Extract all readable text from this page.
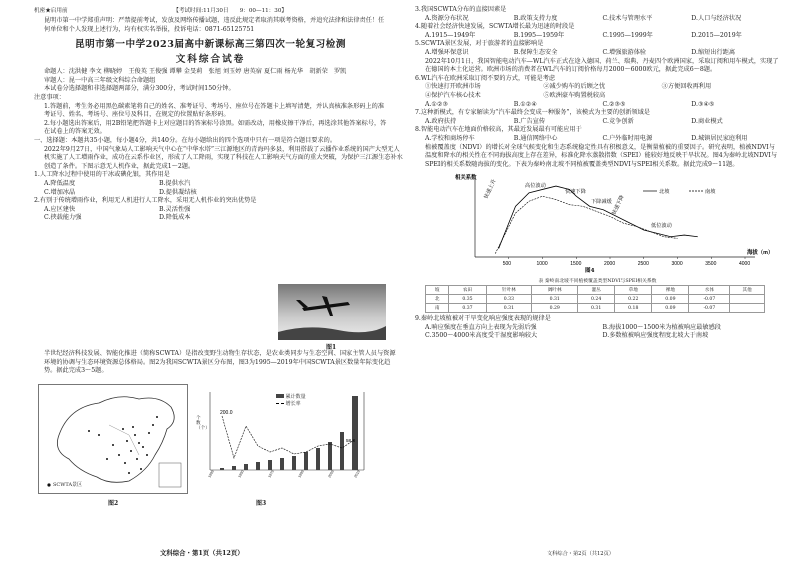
机密★启用前	【考试时间:11月30日　　9：00—11：30】

昆明市第一中学郑重声明：严禁提前考试，发放及网络传播试题，违反此规定者取消其联考资格，并追究法律和法律责任！任何单位和个人发现上述行为，均有权实名举报，投诉电话：0871-65125751

昆明市第一中学2023届高中新课标高三第四次一轮复习检测
文科综合试卷

命题人：沈洪健 李文 柳晓婷　王俊英 王俊强 谭攀 金旻莉　张旭 刘玉婷 唐英宿 夏仁雨 杨光华　胡新荣　罗凯

审题人：昆一中高三年级文科综合命题组

本试卷分选择题和非选择题两部分，满分300分，考试时间150分钟。

注意事项：

1.答题前，考生务必用黑色碳素笔将自己的姓名、准考证号、考场号、座位号在答题卡上填写清楚，并认真核准条形码上的准考证号、姓名、考场号、座位号及科目，在规定的位置贴好条形码。

2.每小题选出答案后，用2B铅笔把答题卡上对应题目的答案标号涂黑。如需改动，用橡皮擦干净后，再选涂其他答案标号，答在试卷上的答案无效。

一、选择题：本题共35小题，每小题4分，共140分。在每小题给出的四个选项中只有一项是符合题目要求的。

2022年9月27日，中国气象局人工影响天气中心在“中华水塔”三江源地区的青海玛多县，利用搭载了云播作业系统的国产大型无人机实施了人工增雨作业，成功在云系作业区，形成了人工降雨，实现了科技在人工影响天气方面的重大突破，为保护三江源生态补水创造了条件。下图示意无人机作业，据此完成1～2题。

1.人工降水过程中使用的干冰或碘化银，其作用是

A.降低温度	B.提供水汽
C.增加冰晶	D.提供凝结核

2.有别于传统增雨作业，利用无人机进行人工降水，采用无人机作业的突出优势是

A.应区建快	B.灵活性强
C.挟载能力强	D.降低成本
图1

半世纪经济科技发展、智能化推进（简称SCWTA）是指改变野生动物生存状态，是农业类同步与生态空间、国家主管人员与资源环境的协调与生态环境资源总体格局。图2为我国SCWTA景区分布图，图3为1995—2019年中国SCWTA景区数量年际变化趋势。据此完成3～5题。

SCWTA景区
图2
200.0
58.3
1995	1950	1975	1995	2005	2019
个数（个）
累计数量
增长率
图3
文科综合・第1页（共12页）

3.我国SCWTA分布的直接因素是

A.资源分布状况	B.政策支持力度	C.技术与管理水平	D.人口与经济状况

4.随着社会经济快速发展，SCWTA增长最为迅速的时段是

A.1915—1949年	B.1995—1959年	C.1995—1999年	D.2015—2019年

5.SCWTA景区发展，对于旅游者的直接影响是

A.增强环保意识	B.保障生态安全	C.增强旅游体验	D.缩短出行距离

2022年10月1日，我国智能电动汽车—WL汽车正式在途入德国、荷兰、瑞典、丹麦四个欧洲国家，采取订阅和用车模式，实现了在德国的本土化运营。欧洲市场的消费者在WL汽车的订阅价格每月2000～6000欧元，据此完成6～8题。

6.WL汽车在欧洲采取订阅不要的方式，可能是考虑

①快速打开欧洲市场	②减少购车的后顾之忧	③方便回收再利用
④保护汽车核心技术	⑤欧洲豪车购置税较高
A.①②③	B.①②④	C.②③⑤	D.③④⑤

7.这种新模式，有专家解读为“汽车最终会变成一种服务”，该模式为主要的创新领域是

A.政府扶持	B.广告宣传	C.竞争创新	D.商业模式

8.智能电动汽车在地面价格较高，其最近发展最有可能应用于

A.学校和商场停车	B.通信网络中心	C.户外临时用电源	D.城镇居民家庭利用

植被覆盖度（NDVI）的增长对全球气候变化和生态系统稳定性具有积极意义，是衡量植被的重要因子。研究表明，植被NDVI与温度和降水的相关性在不同海拔高度上存在差异，标准化降水蒸散指数（SPEI）能较好地反映干旱状况。图4为秦岭北坡NDVI与SPEI的相关系数随海拔的变化。下表为秦岭南北坡不同植被覆盖类型NDVI与SPEI相关系数。据此完成9～11题。

相关系数
海拔（m）
500	1000	1500	2000	2500	3000	3500	4000
北坡	南坡
快速上升	高位波动
快速下降
下降减缓 快速下降
低位波动
图4
表 秦岭南北坡不同植被覆盖类型NDVI与SPEI相关系数
坡	农田	针叶林	阔叶林	灌丛	草地	裸地	水体	其他
北	0.35	0.33	0.31	0.24	0.22	0.09	-0.07	
南	0.37	0.31	0.29	0.31	0.18	0.09	-0.07	

9.秦岭北坡植被对干旱变化响应强度表现的规律是

A.响应强度在垂直方向上表现为先弱后强	B.海拔1000～1500米为植被响应最敏感段
C.3500～4000米高度受干湿度影响较大	D.多数植被响应强度程度北坡大于南坡
文科综合・第2页（共12页）
